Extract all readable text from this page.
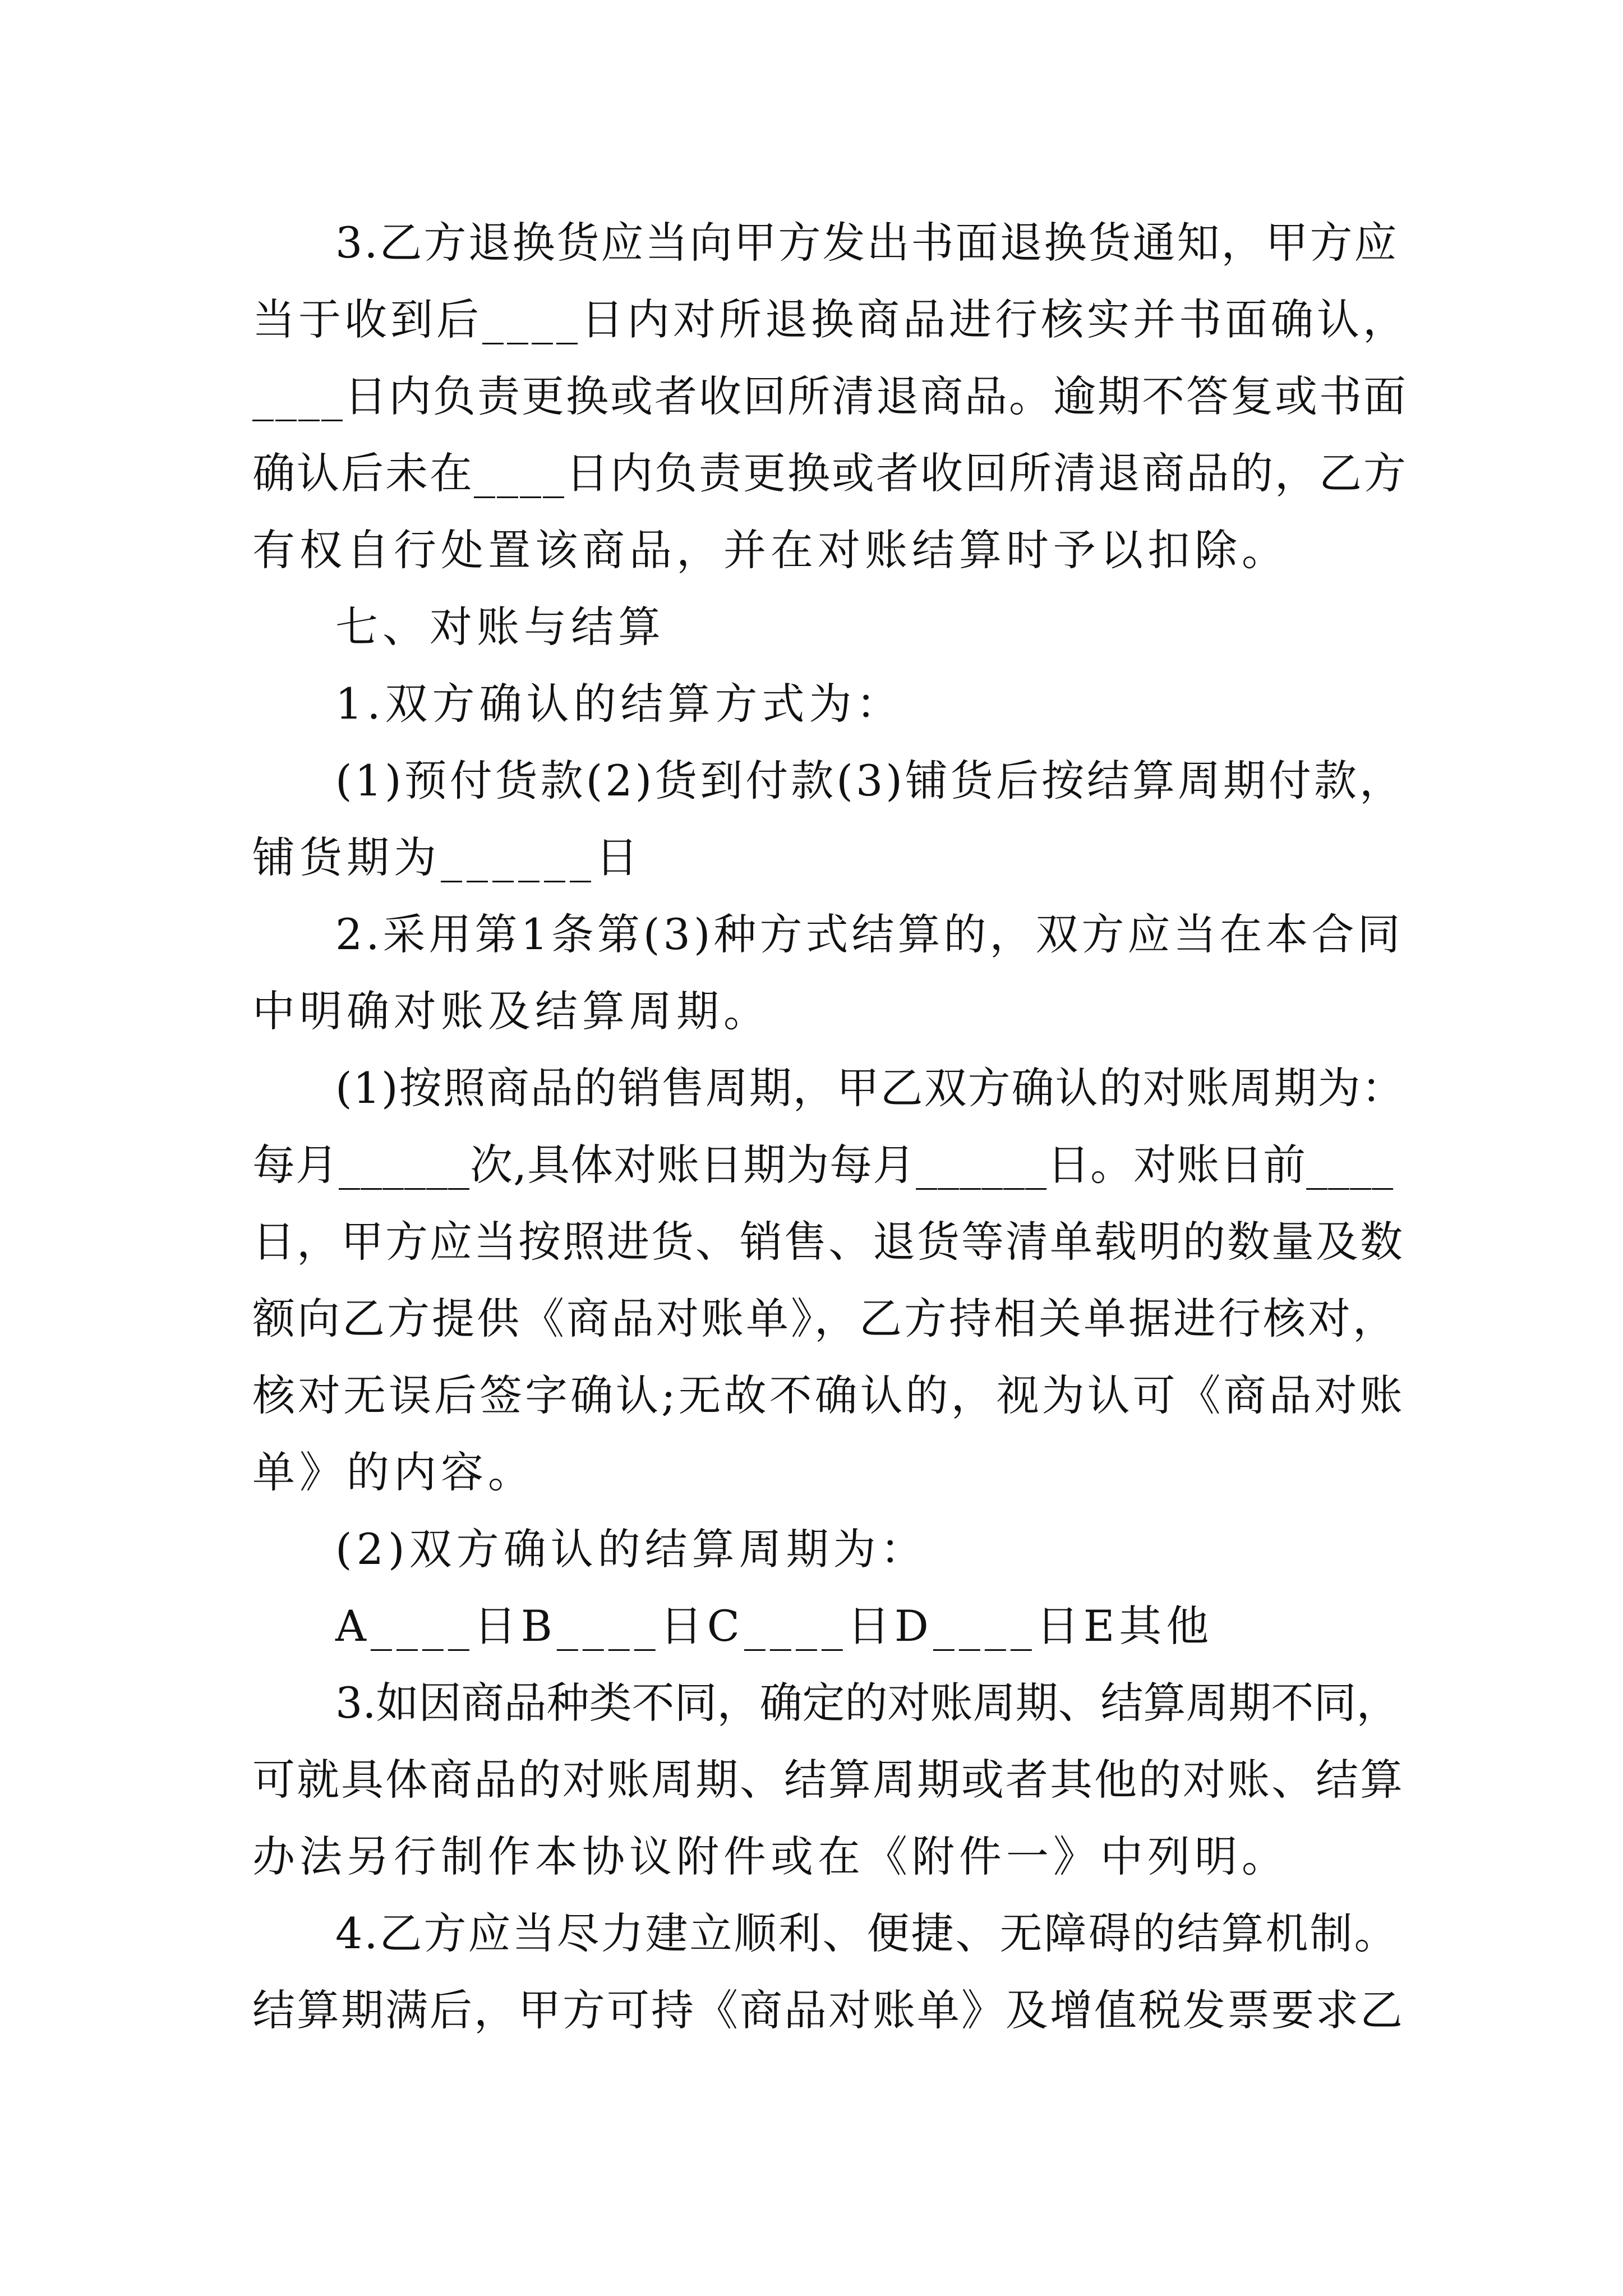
3.乙方退换货应当向甲方发出书面退换货通知，甲方应
当于收到后____日内对所退换商品进行核实并书面确认，
____日内负责更换或者收回所清退商品。逾期不答复或书面
确认后未在____日内负责更换或者收回所清退商品的，乙方
有权自行处置该商品，并在对账结算时予以扣除。
七、对账与结算
1.双方确认的结算方式为：
(1)预付货款(2)货到付款(3)铺货后按结算周期付款，
铺货期为______日
2.采用第1条第(3)种方式结算的，双方应当在本合同
中明确对账及结算周期。
(1)按照商品的销售周期，甲乙双方确认的对账周期为：
每月______次,具体对账日期为每月______日。对账日前____
日，甲方应当按照进货、销售、退货等清单载明的数量及数
额向乙方提供《商品对账单》，乙方持相关单据进行核对，
核对无误后签字确认;无故不确认的，视为认可《商品对账
单》的内容。
(2)双方确认的结算周期为：
A____日B____日C____日D____日E其他
3.如因商品种类不同，确定的对账周期、结算周期不同，
可就具体商品的对账周期、结算周期或者其他的对账、结算
办法另行制作本协议附件或在《附件一》中列明。
4.乙方应当尽力建立顺利、便捷、无障碍的结算机制。
结算期满后，甲方可持《商品对账单》及增值税发票要求乙
